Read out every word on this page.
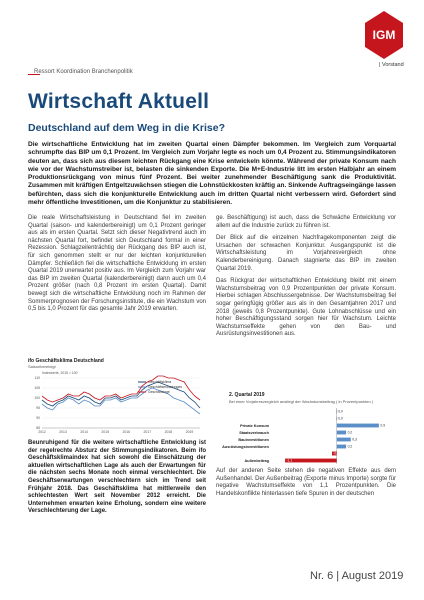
IGM
| Vorstand
Ressort Koordination Branchenpolitik
Wirtschaft Aktuell
Deutschland auf dem Weg in die Krise?
Die wirtschaftliche Entwicklung hat im zweiten Quartal einen Dämpfer bekommen. Im Vergleich zum Vorquartal schrumpfte das BIP um 0,1 Prozent. Im Vergleich zum Vorjahr legte es noch um 0,4 Prozent zu. Stimmungsindikatoren deuten an, dass sich aus diesem leichten Rückgang eine Krise entwickeln könnte. Während der private Konsum nach wie vor der Wachstumstreiber ist, belasten die sinkenden Exporte. Die M+E-Industrie litt im ersten Halbjahr an einem Produktionsrückgang von minus fünf Prozent. Bei weiter zunehmender Beschäftigung sank die Produktivität. Zusammen mit kräftigen Entgeltzuwächsen stiegen die Lohnstückkosten kräftig an. Sinkende Auftragseingänge lassen befürchten, dass sich die konjunkturelle Entwicklung auch im dritten Quartal nicht verbessern wird. Gefordert sind mehr öffentliche Investitionen, um die Konjunktur zu stabilisieren.

Die reale Wirtschaftsleistung in Deutschland fiel im zweiten Quartal (saison- und kalenderbereinigt) um 0,1 Prozent geringer aus als im ersten Quartal. Setzt sich dieser Negativtrend auch im nächsten Quartal fort, befindet sich Deutschland formal in einer Rezession. Schlagzeilenträchtig der Rückgang des BIP auch ist, für sich genommen stellt er nur der leichten konjunkturellen Dämpfer. Schließlich fiel die wirtschaftliche Entwicklung im ersten Quartal 2019 unerwartet positiv aus. Im Vergleich zum Vorjahr war das BIP im zweiten Quartal (kalenderbereinigt) dann auch um 0,4 Prozent größer (nach 0,8 Prozent im ersten Quartal). Damit bewegt sich die wirtschaftliche Entwicklung noch im Rahmen der Sommerprognosen der Forschungsinstitute, die ein Wachstum von 0,5 bis 1,0 Prozent für das gesamte Jahr 2019 erwarten.

ge. Beschäftigung) ist auch, dass die Schwäche Entwicklung vor allem auf die Industrie zurück zu führen ist.

Der Blick auf die einzelnen Nachfragekomponenten zeigt die Ursachen der schwachen Konjunktur. Ausgangspunkt ist die Wirtschaftsleistung im Vorjahresvergleich ohne Kalenderbereinigung. Danach stagnierte das BIP im zweiten Quartal 2019.

Das Rückgrat der wirtschaftlichen Entwicklung bleibt mit einem Wachstumsbeitrag von 0,9 Prozentpunkten der private Konsum. Hierbei schlagen Abschlussergebnisse. Der Wachstumsbeitrag fiel sogar geringfügig größer aus als in den Gesamtjahren 2017 und 2018 (jeweils 0,8 Prozentpunkte). Gute Lohnabschlüsse und ein hoher Beschäftigungsstand sorgen hier für Wachstum. Leichte Wachstumseffekte gehen von den Bau- und Ausrüstungsinvestitionen aus.

ifo Geschäftsklima Deutschland
Saisonbereinigt
Indexwerte, 2015 = 100
85
90
95
100
105
110
2012	2013	2014	2015	2016	2017	2018	2019
Geschäftsklima
Geschäftserwartungen
Geschäftslage

Beunruhigend für die weitere wirtschaftliche Entwicklung ist der regelrechte Absturz der Stimmungsindikatoren. Beim ifo Geschäftsklimaindex hat sich sowohl die Einschätzung der aktuellen wirtschaftlichen Lage als auch der Erwartungen für die nächsten sechs Monate noch einmal verschlechtert. Die Geschäftserwartungen verschlechtern sich im Trend seit Frühjahr 2018. Das Geschäftsklima hat mittlerweile den schlechtesten Wert seit November 2012 erreicht. Die Unternehmen erwarten keine Erholung, sondern eine weitere Verschlechterung der Lage.

2. Quartal 2019
Bei einer Vorjahresvergleich anstiegt der Wachstumsbeitrag ( in Prozentpunkten )
0,0
0,0
Private Konsum	0,9
Staatsverbrauch	0,2
Bauinvestitionen	0,3
Ausrüstungsinvestitionen	0,2
-0,1
Außenbeitrag	-1,1

Auf der anderen Seite stehen die negativen Effekte aus dem Außenhandel. Der Außenbeitrag (Exporte minus Importe) sorgte für negative Wachstumseffekte von 1,1 Prozentpunkten. Die Handelskonflikte hinterlassen tiefe Spuren in der deutschen

Nr. 6 | August 2019
